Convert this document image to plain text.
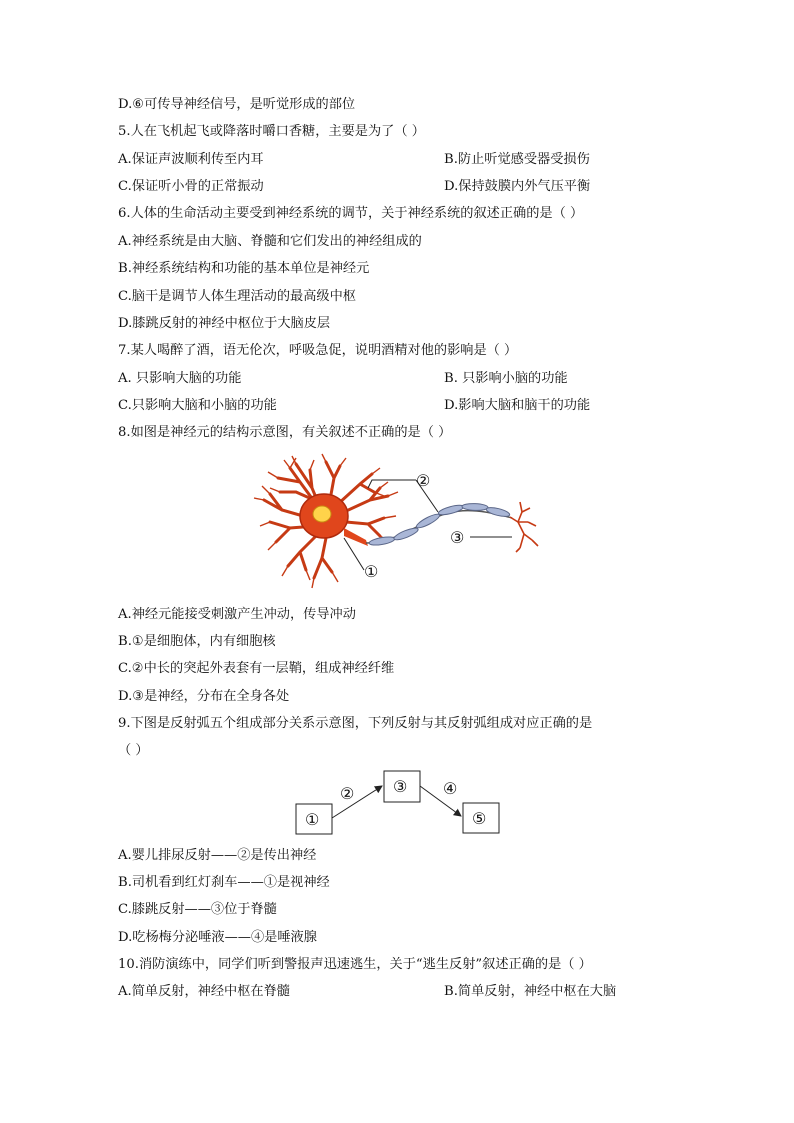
D.⑥可传导神经信号，是听觉形成的部位
5.人在飞机起飞或降落时嚼口香糖，主要是为了（ ）
A.保证声波顺利传至内耳	B.防止听觉感受器受损伤
C.保证听小骨的正常振动	D.保持鼓膜内外气压平衡
6.人体的生命活动主要受到神经系统的调节，关于神经系统的叙述正确的是（ ）
A.神经系统是由大脑、脊髓和它们发出的神经组成的
B.神经系统结构和功能的基本单位是神经元
C.脑干是调节人体生理活动的最高级中枢
D.膝跳反射的神经中枢位于大脑皮层
7.某人喝醉了酒，语无伦次，呼吸急促，说明酒精对他的影响是（ ）
A. 只影响大脑的功能	B. 只影响小脑的功能
C.只影响大脑和小脑的功能	D.影响大脑和脑干的功能
8.如图是神经元的结构示意图，有关叙述不正确的是（ ）
②
③
①
A.神经元能接受刺激产生冲动，传导冲动
B.①是细胞体，内有细胞核
C.②中长的突起外表套有一层鞘，组成神经纤维
D.③是神经，分布在全身各处
9.下图是反射弧五个组成部分关系示意图，下列反射与其反射弧组成对应正确的是
（ ）
①
② ③ ④
⑤
A.婴儿排尿反射——②是传出神经
B.司机看到红灯刹车——①是视神经
C.膝跳反射——③位于脊髓
D.吃杨梅分泌唾液——④是唾液腺
10.消防演练中，同学们听到警报声迅速逃生，关于“逃生反射”叙述正确的是（ ）
A.简单反射，神经中枢在脊髓	B.简单反射，神经中枢在大脑
